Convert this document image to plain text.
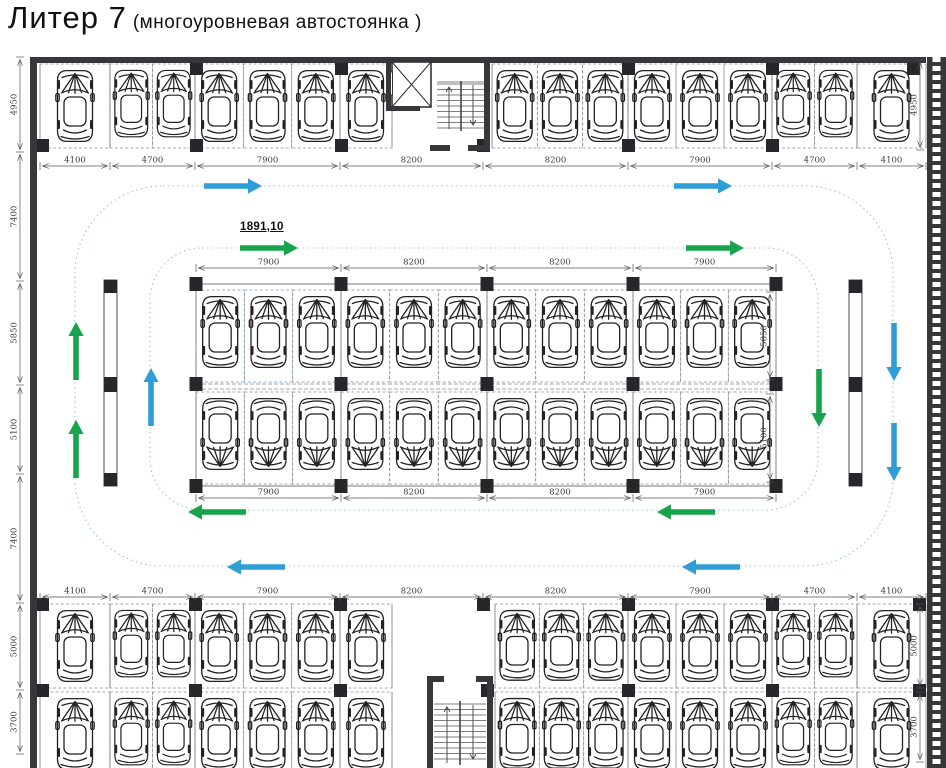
Литер 7 (многоуровневая автостоянка )
1891,10
4100	4700	7900	8200	8200	7900	4700	4100
4100	4700	7900	8200	8200	7900	4700	4100
7900	8200	8200	7900
7900	8200	8200	7900
4950
7400
5850
5100
7400
5000
3700
4950
5000
3700
5850
5100
